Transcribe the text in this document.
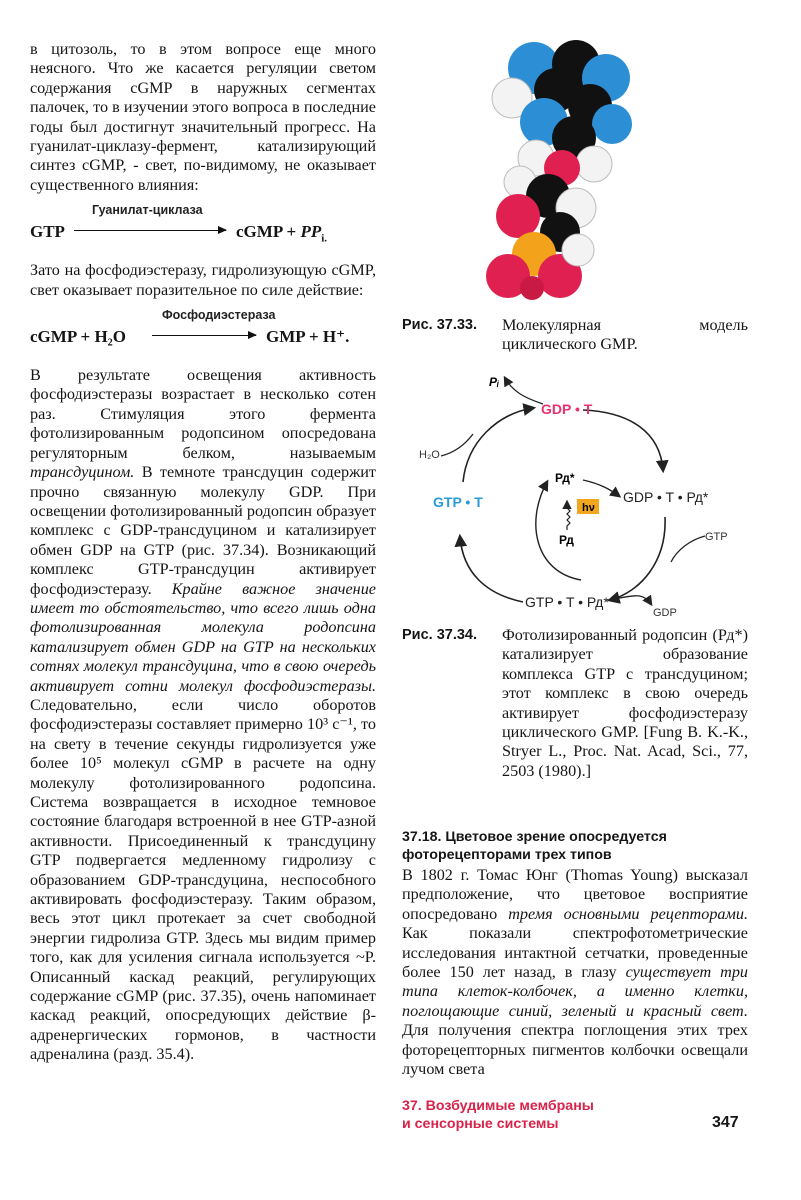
в цитозоль, то в этом вопросе еще много неясного. Что же касается регуляции светом содержания cGMP в наружных сегментах палочек, то в изучении этого вопроса в последние годы был достигнут значительный прогресс. На гуанилат-циклазу-фермент, катализирующий синтез cGMP, - свет, по-видимому, не оказывает существенного влияния:

Гуанилат-циклаза
GTP	cGMP + $PP_{i.}$

Зато на фосфодиэстеразу, гидролизующую cGMP, свет оказывает поразительное по силе действие:

Фосфодиэстераза
cGMP + H₂O	GMP + H⁺.

В результате освещения активность фосфодиэстеразы возрастает в несколько сотен раз. Стимуляция этого фермента фотолизированным родопсином опосредована регуляторным белком, называемым трансдуцином. В темноте трансдуцин содержит прочно связанную молекулу GDP. При освещении фотолизированный родопсин образует комплекс с GDP-трансдуцином и катализирует обмен GDP на GTP (рис. 37.34). Возникающий комплекс GTP-трансдуцин активирует фосфодиэстеразу. Крайне важное значение имеет то обстоятельство, что всего лишь одна фотолизированная молекула родопсина катализирует обмен GDP на GTP на нескольких сотнях молекул трансдуцина, что в свою очередь активирует сотни молекул фосфодиэстеразы. Следовательно, если число оборотов фосфодиэстеразы составляет примерно 10³ с⁻¹, то на свету в течение секунды гидролизуется уже более 10⁵ молекул cGMP в расчете на одну молекулу фотолизированного родопсина. Система возвращается в исходное темновое состояние благодаря встроенной в нее GTP-азной активности. Присоединенный к трансдуцину GTP подвергается медленному гидролизу с образованием GDP-трансдуцина, неспособного активировать фосфодиэстеразу. Таким образом, весь этот цикл протекает за счет свободной энергии гидролиза GTP. Здесь мы видим пример того, как для усиления сигнала используется ~P. Описанный каскад реакций, регулирующих содержание cGMP (рис. 37.35), очень напоминает каскад реакций, опосредующих действие β-адренергических гормонов, в частности адреналина (разд. 35.4).

Рис. 37.33. Молекулярная модель циклического GMP.
Pᵢ
GDP • T
H₂O
Рд*
hν
Рд
GTP • T	GDP • T • Рд*
GTP
GTP • T • Рд*
GDP
Рис. 37.34. Фотолизированный родопсин (Рд*) катализирует образование комплекса GTP с трансдуцином; этот комплекс в свою очередь активирует фосфодиэстеразу циклического GMP. [Fung B. K.-K., Stryer L., Proc. Nat. Acad, Sci., 77, 2503 (1980).]
37.18. Цветовое зрение опосредуется фоторецепторами трех типов

В 1802 г. Томас Юнг (Thomas Young) высказал предположение, что цветовое восприятие опосредовано тремя основными рецепторами. Как показали спектрофотометрические исследования интактной сетчатки, проведенные более 150 лет назад, в глазу существует три типа клеток-колбочек, а именно клетки, поглощающие синий, зеленый и красный свет. Для получения спектра поглощения этих трех фоторецепторных пигментов колбочки освещали лучом света

37. Возбудимые мембраны
и сенсорные системы	347
